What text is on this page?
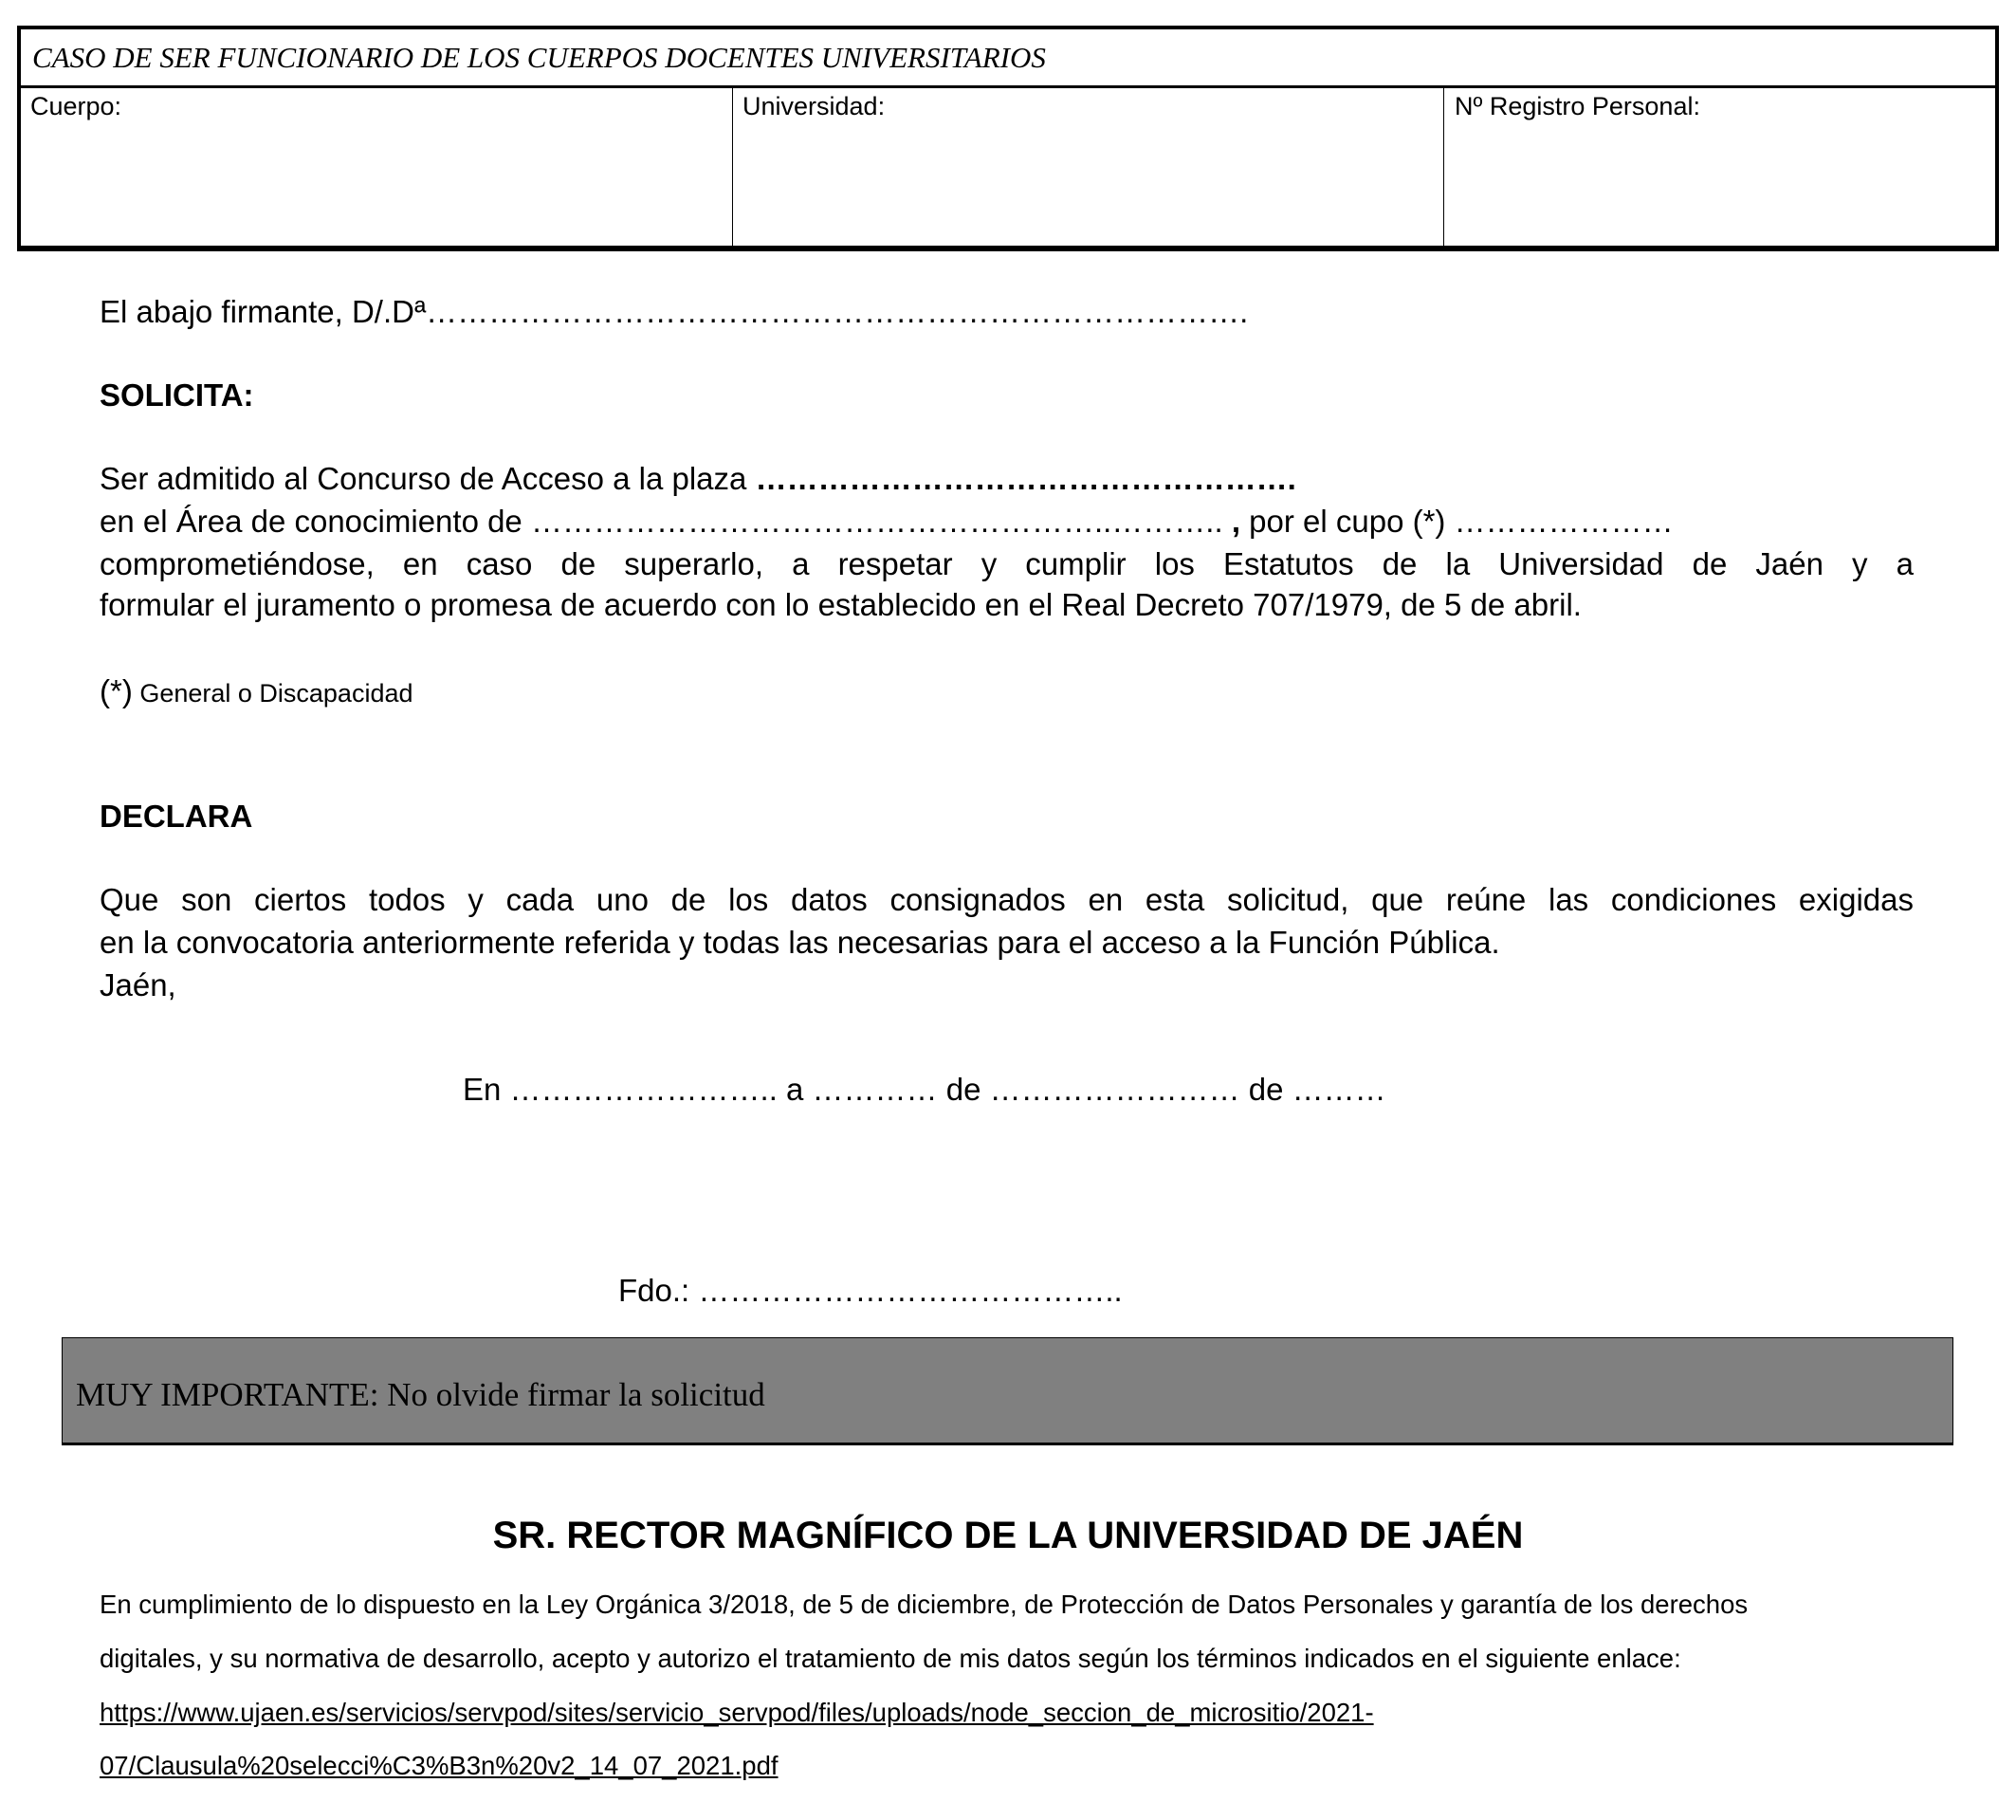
CASO DE SER FUNCIONARIO DE LOS CUERPOS DOCENTES UNIVERSITARIOS
Cuerpo:	Universidad:	Nº Registro Personal:
El abajo firmante, D/.Dª…………………………………………………………………….
SOLICITA:
Ser admitido al Concurso de Acceso a la plaza …………………………………………….
en el Área de conocimiento de ………………………………………………..……….. , por el cupo (*) …………………
comprometiéndose, en caso de superarlo, a respetar y cumplir los Estatutos de la Universidad de Jaén y a
formular el juramento o promesa de acuerdo con lo establecido en el Real Decreto 707/1979, de 5 de abril.
(*) General o Discapacidad
DECLARA
Que son ciertos todos y cada uno de los datos consignados en esta solicitud, que reúne las condiciones exigidas
en la convocatoria anteriormente referida y todas las necesarias para el acceso a la Función Pública.
Jaén,
En …………………….. a ………… de …………………… de ………
Fdo.: …………………………………..
MUY IMPORTANTE: No olvide firmar la solicitud
SR. RECTOR MAGNÍFICO DE LA UNIVERSIDAD DE JAÉN
En cumplimiento de lo dispuesto en la Ley Orgánica 3/2018, de 5 de diciembre, de Protección de Datos Personales y garantía de los derechos
digitales, y su normativa de desarrollo, acepto y autorizo el tratamiento de mis datos según los términos indicados en el siguiente enlace:
https://www.ujaen.es/servicios/servpod/sites/servicio_servpod/files/uploads/node_seccion_de_micrositio/2021-
07/Clausula%20selecci%C3%B3n%20v2_14_07_2021.pdf
